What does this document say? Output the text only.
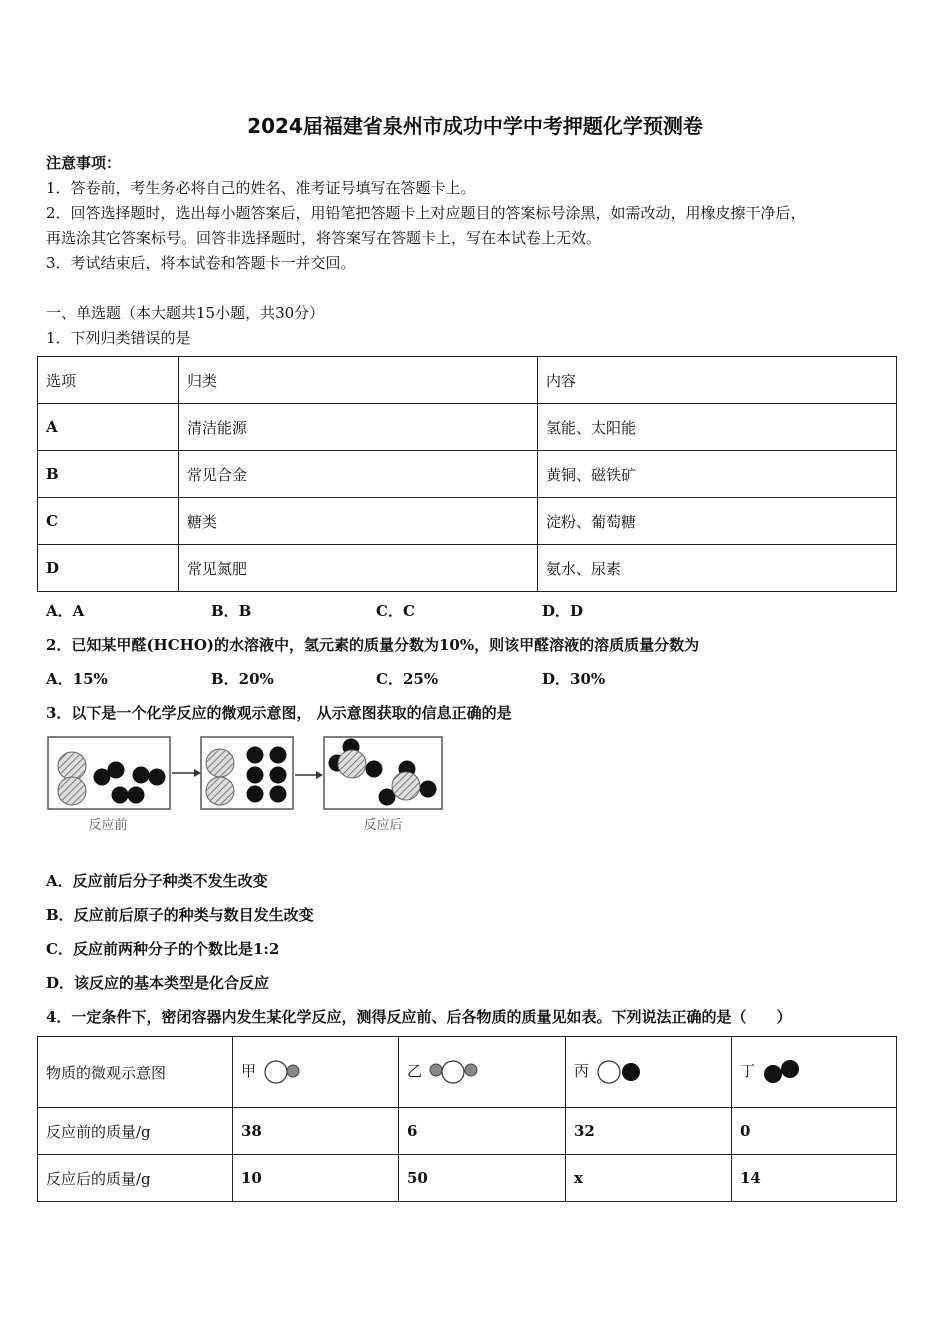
2024届福建省泉州市成功中学中考押题化学预测卷
注意事项：
1．答卷前，考生务必将自己的姓名、准考证号填写在答题卡上。
2．回答选择题时，选出每小题答案后，用铅笔把答题卡上对应题目的答案标号涂黑，如需改动，用橡皮擦干净后，
再选涂其它答案标号。回答非选择题时，将答案写在答题卡上，写在本试卷上无效。
3．考试结束后，将本试卷和答题卡一并交回。
一、单选题（本大题共15小题，共30分）
1．下列归类错误的是
选项	归类	内容
A	清洁能源	氢能、太阳能
B	常见合金	黄铜、磁铁矿
C	糖类	淀粉、葡萄糖
D	常见氮肥	氨水、尿素
A．A	B．B	C．C	D．D
2．已知某甲醛(HCHO)的水溶液中，氢元素的质量分数为10%，则该甲醛溶液的溶质质量分数为
A．15%	B．20%	C．25%	D．30%
3．以下是一个化学反应的微观示意图， 从示意图获取的信息正确的是
反应前	反应后
A．反应前后分子种类不发生改变
B．反应前后原子的种类与数目发生改变
C．反应前两种分子的个数比是1:2
D．该反应的基本类型是化合反应
4．一定条件下，密闭容器内发生某化学反应，测得反应前、后各物质的质量见如表。下列说法正确的是（　　）
物质的微观示意图	甲	乙	丙	丁
反应前的质量/g	38	6	32	0
反应后的质量/g	10	50	x	14
